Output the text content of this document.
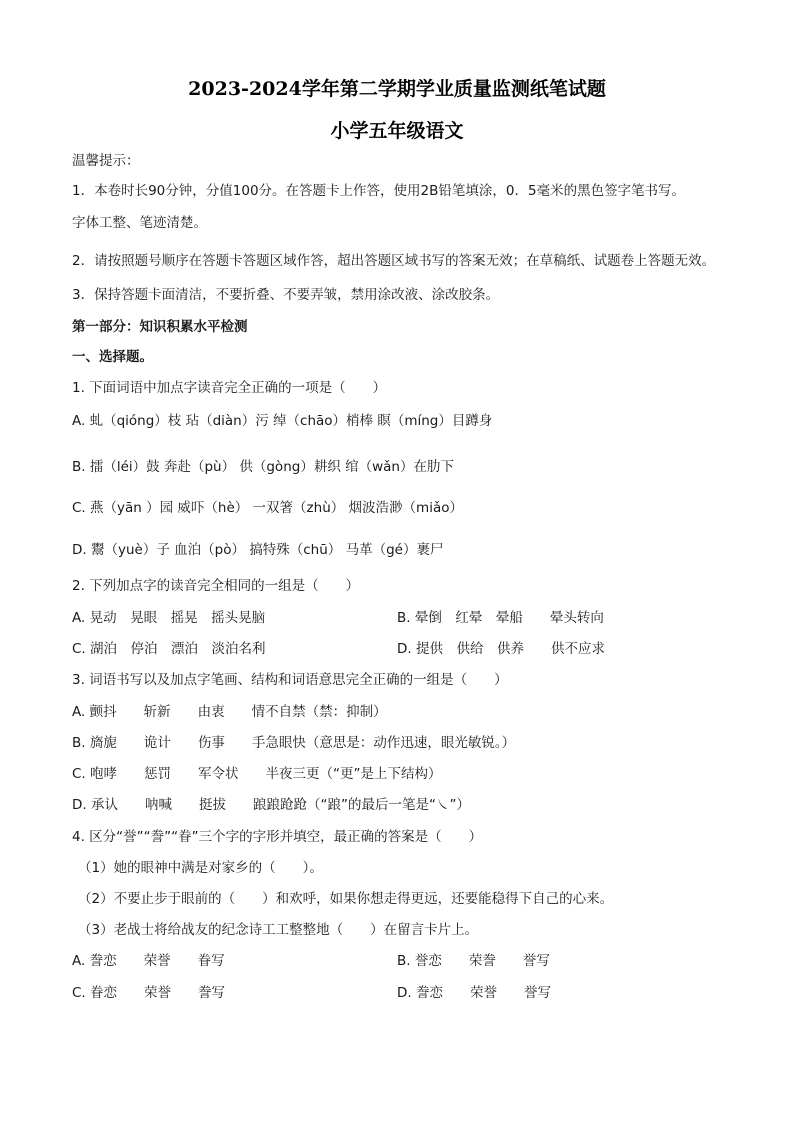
2023-2024学年第二学期学业质量监测纸笔试题
小学五年级语文
温馨提示：
1．本卷时长90分钟，分值100分。在答题卡上作答，使用2B铅笔填涂，0．5毫米的黑色签字笔书写。
字体工整、笔迹清楚。
2．请按照题号顺序在答题卡答题区域作答，超出答题区域书写的答案无效；在草稿纸、试题卷上答题无效。
3．保持答题卡面清洁，不要折叠、不要弄皱，禁用涂改液、涂改胶条。
第一部分：知识积累水平检测
一、选择题。
1. 下面词语中加点字读音完全正确的一项是（　　）
A. 虬（qióng）枝 玷（diàn）污 绰（chāo）梢棒 瞑（míng）目蹲身
B. 擂（léi）鼓 奔赴（pù） 供（gòng）耕织 绾（wǎn）在肋下
C. 燕（yān ）园 威吓（hè） 一双箸（zhù） 烟波浩渺（miǎo）
D. 鬻（yuè）子 血泊（pò） 搞特殊（chū） 马革（gé）裹尸
2. 下列加点字的读音完全相同的一组是（　　）
A. 晃动　晃眼　摇晃　摇头晃脑	B. 晕倒　红晕　晕船　　晕头转向
C. 湖泊　停泊　漂泊　淡泊名利	D. 提供　供给　供养　　供不应求
3. 词语书写以及加点字笔画、结构和词语意思完全正确的一组是（　　）
A. 颤抖　　斩新　　由衷　　情不自禁（禁：抑制）
B. 旖旎　　诡计　　伤事　　手急眼快（意思是：动作迅速，眼光敏锐。）
C. 咆哮　　惩罚　　军令状　　半夜三更（“更”是上下结构）
D. 承认　　呐喊　　挺拔　　踉踉跄跄（“踉”的最后一笔是“㇏”）
4. 区分“誉”“誊”“眷”三个字的字形并填空，最正确的答案是（　　）
（1）她的眼神中满是对家乡的（　　）。
（2）不要止步于眼前的（　　）和欢呼，如果你想走得更远，还要能稳得下自己的心来。
（3）老战士将给战友的纪念诗工工整整地（　　）在留言卡片上。
A. 誊恋　　荣誉　　眷写	B. 誉恋　　荣誊　　誉写
C. 眷恋　　荣誉　　誊写	D. 誊恋　　荣誉　　誉写
